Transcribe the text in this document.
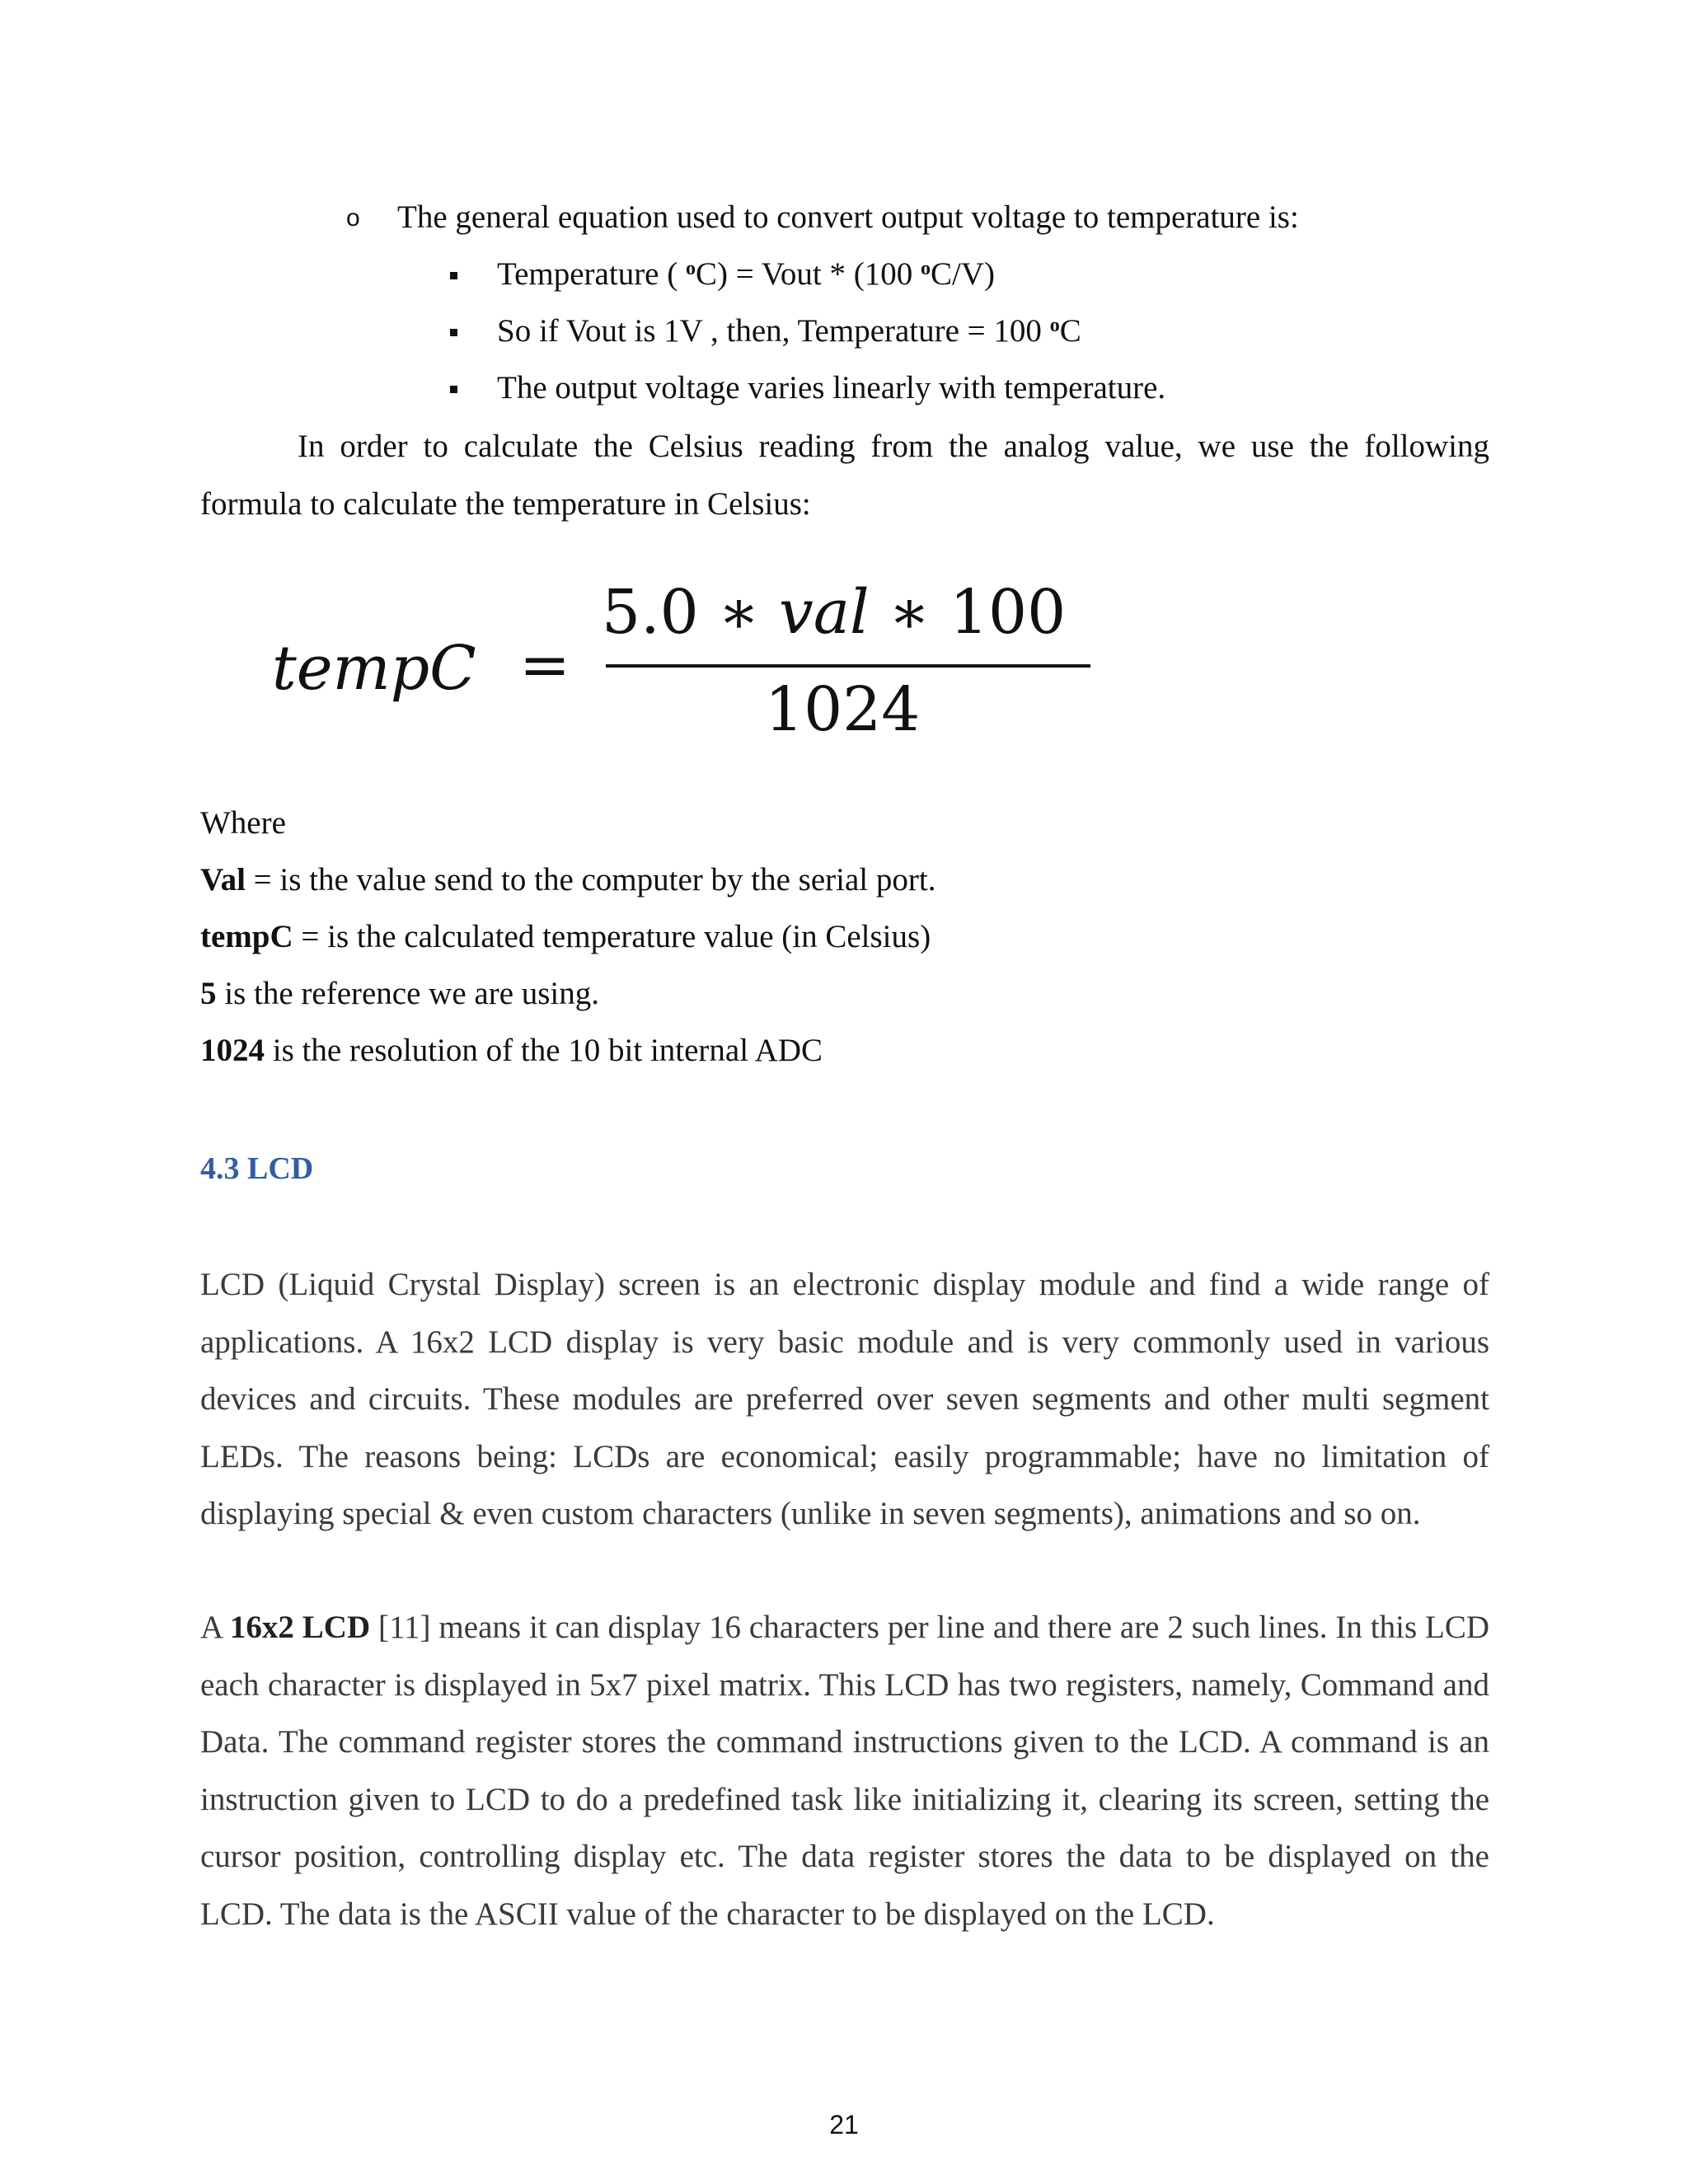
o The general equation used to convert output voltage to temperature is:
Temperature ( $^o$C) = Vout * (100 $^o$C/V)
So if Vout is 1V , then, Temperature = 100 $^o$C
The output voltage varies linearly with temperature.
In order to calculate the Celsius reading from the analog value, we use the following formula to calculate the temperature in Celsius:
tempC =
5.0 ∗ val ∗ 100
1024
Where
Val = is the value send to the computer by the serial port.
tempC = is the calculated temperature value (in Celsius)
5 is the reference we are using.
1024 is the resolution of the 10 bit internal ADC
4.3 LCD
LCD (Liquid Crystal Display) screen is an electronic display module and find a wide range of applications. A 16x2 LCD display is very basic module and is very commonly used in various devices and circuits. These modules are preferred over seven segments and other multi segment LEDs. The reasons being: LCDs are economical; easily programmable; have no limitation of displaying special & even custom characters (unlike in seven segments), animations and so on.
A 16x2 LCD [11] means it can display 16 characters per line and there are 2 such lines. In this LCD each character is displayed in 5x7 pixel matrix. This LCD has two registers, namely, Command and Data. The command register stores the command instructions given to the LCD. A command is an instruction given to LCD to do a predefined task like initializing it, clearing its screen, setting the cursor position, controlling display etc. The data register stores the data to be displayed on the LCD. The data is the ASCII value of the character to be displayed on the LCD.
21
